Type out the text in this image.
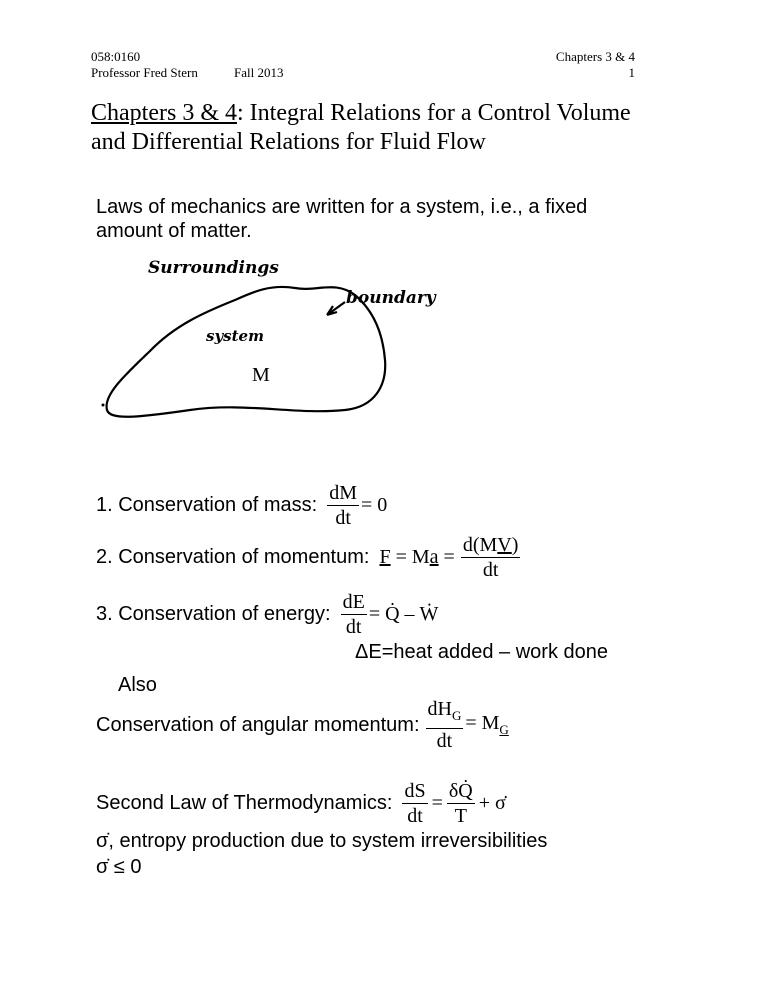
058:0160
Professor Fred Stern	Fall 2013
Chapters 3 & 4
1
Chapters 3 & 4: Integral Relations for a Control Volume
and Differential Relations for Fluid Flow
Laws of mechanics are written for a system, i.e., a fixed
amount of matter.
Surroundings
boundary
system
M
1. Conservation of mass: $\frac{dM}{dt} = 0$
2. Conservation of momentum: $F = Ma = \frac{d(MV)}{dt}$
3. Conservation of energy: $\frac{dE}{dt}$ = Q̇ – Ẇ
ΔE=heat added – work done
Also
Conservation of angular momentum: $\frac{dH_G}{dt} = M_G$
Second Law of Thermodynamics: $\frac{dS}{dt} = \frac{\delta Q̇}{T}$ + σ̇
σ̇, entropy production due to system irreversibilities
σ̇ ≤ 0
